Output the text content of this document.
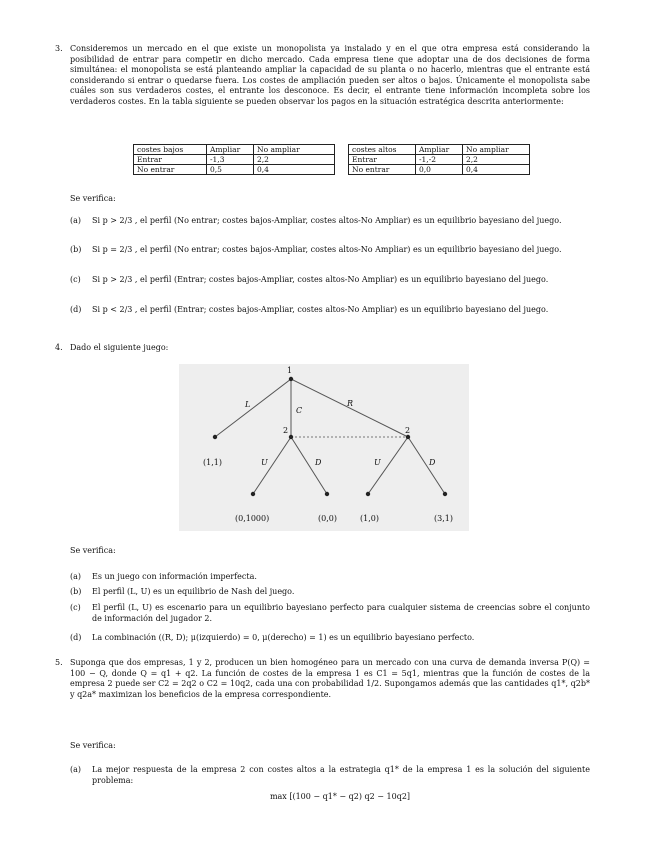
3. Consideremos un mercado en el que existe un monopolista ya instalado y en el que otra empresa está considerando la posibilidad de entrar para competir en dicho mercado. Cada empresa tiene que adoptar una de dos decisiones de forma simultánea: el monopolista se está planteando ampliar la capacidad de su planta o no hacerlo, mientras que el entrante está considerando si entrar o quedarse fuera. Los costes de ampliación pueden ser altos o bajos. Únicamente el monopolista sabe cuáles son sus verdaderos costes, el entrante los desconoce. Es decir, el entrante tiene información incompleta sobre los verdaderos costes. En la tabla siguiente se pueden observar los pagos en la situación estratégica descrita anteriormente:
costes bajos	Ampliar	No ampliar
Entrar	-1,3	2,2
No entrar	0,5	0,4
costes altos	Ampliar	No ampliar
Entrar	-1,-2	2,2
No entrar	0,0	0,4
Se verifica:
(a) Si p > 2/3 , el perfil (No entrar; costes bajos-Ampliar, costes altos-No Ampliar) es un equilibrio bayesiano del juego.
(b) Si p = 2/3 , el perfil (No entrar; costes bajos-Ampliar, costes altos-No Ampliar) es un equilibrio bayesiano del juego.
(c) Si p > 2/3 , el perfil (Entrar; costes bajos-Ampliar, costes altos-No Ampliar) es un equilibrio bayesiano del juego.
(d) Si p < 2/3 , el perfil (Entrar; costes bajos-Ampliar, costes altos-No Ampliar) es un equilibrio bayesiano del juego.
4. Dado el siguiente juego:
1
2	2
L
C
R
(1,1)	U	D	U	D
(0,1000)	(0,0)	(1,0)	(3,1)
Se verifica:
(a) Es un juego con información imperfecta.
(b) El perfil (L, U) es un equilibrio de Nash del juego.
(c) El perfil (L, U) es escenario para un equilibrio bayesiano perfecto para cualquier sistema de creencias sobre el conjunto de información del jugador 2.
(d) La combinación ((R, D); μ(izquierdo) = 0, μ(derecho) = 1) es un equilibrio bayesiano perfecto.
5. Suponga que dos empresas, 1 y 2, producen un bien homogéneo para un mercado con una curva de demanda inversa P(Q) = 100 − Q, donde Q = q1 + q2. La función de costes de la empresa 1 es C1 = 5q1, mientras que la función de costes de la empresa 2 puede ser C2 = 2q2 o C2 = 10q2, cada una con probabilidad 1/2. Supongamos además que las cantidades q1*, q2b* y q2a* maximizan los beneficios de la empresa correspondiente.
Se verifica:
(a) La mejor respuesta de la empresa 2 con costes altos a la estrategia q1* de la empresa 1 es la solución del siguiente problema:
max [(100 − q1* − q2) q2 − 10q2]
